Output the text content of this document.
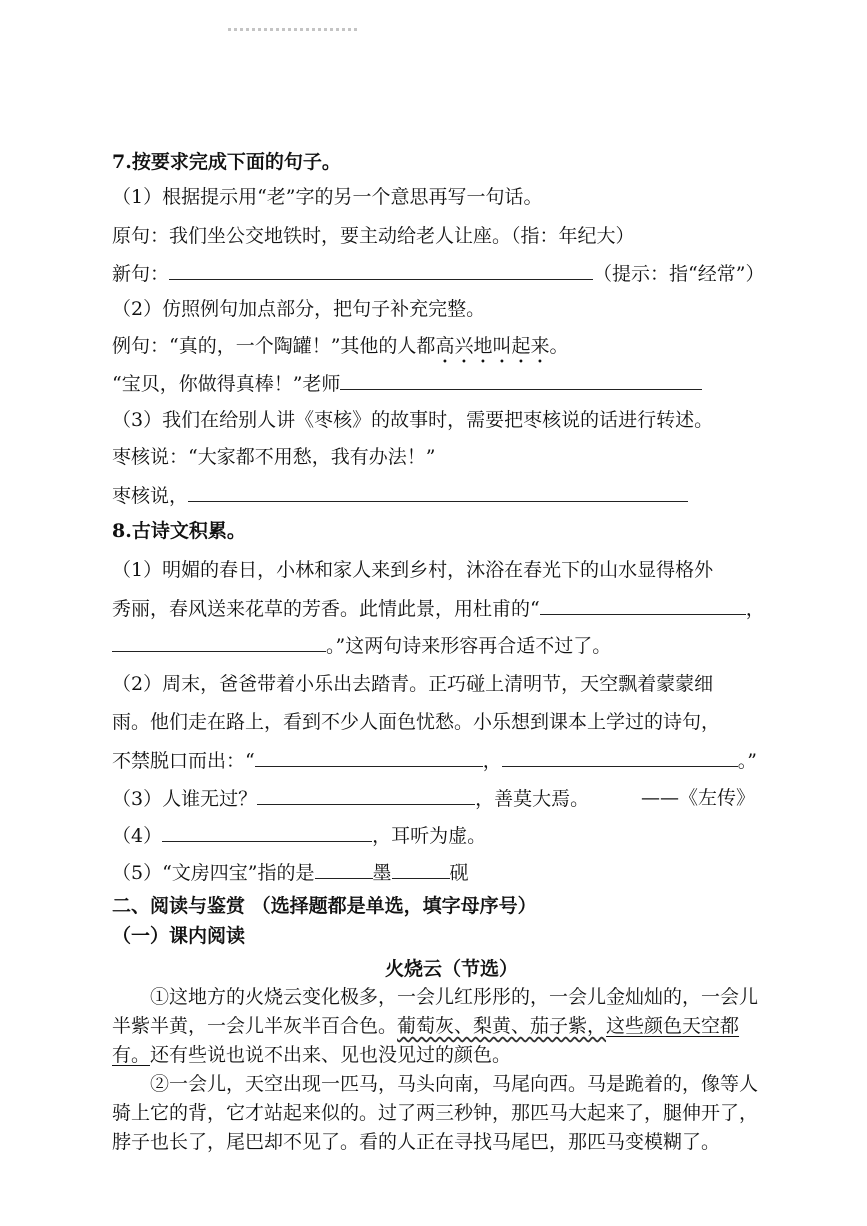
7.按要求完成下面的句子。
（1）根据提示用“老”字的另一个意思再写一句话。
原句：我们坐公交地铁时，要主动给老人让座。（指：年纪大）
新句：	（提示：指“经常”）
（2）仿照例句加点部分，把句子补充完整。
例句：“真的，一个陶罐！”其他的人都高兴地叫起来。
“宝贝，你做得真棒！”老师
（3）我们在给别人讲《枣核》的故事时，需要把枣核说的话进行转述。
枣核说：“大家都不用愁，我有办法！”
枣核说，
8.古诗文积累。
（1）明媚的春日，小林和家人来到乡村，沐浴在春光下的山水显得格外
秀丽，春风送来花草的芳香。此情此景，用杜甫的“	，
。”这两句诗来形容再合适不过了。
（2）周末，爸爸带着小乐出去踏青。正巧碰上清明节，天空飘着蒙蒙细
雨。他们走在路上，看到不少人面色忧愁。小乐想到课本上学过的诗句，
不禁脱口而出：“	，	。”
（3）人谁无过？	，善莫大焉。	——《左传》
（4）	，耳听为虚。
（5）“文房四宝”指的是	墨	砚
二、阅读与鉴赏 （选择题都是单选，填字母序号）
（一）课内阅读
火烧云（节选）
①这地方的火烧云变化极多，一会儿红彤彤的，一会儿金灿灿的，一会儿半紫半黄，一会儿半灰半百合色。葡萄灰、梨黄、茄子紫，这些颜色天空都有。还有些说也说不出来、见也没见过的颜色。
②一会儿，天空出现一匹马，马头向南，马尾向西。马是跪着的，像等人骑上它的背，它才站起来似的。过了两三秒钟，那匹马大起来了，腿伸开了，脖子也长了，尾巴却不见了。看的人正在寻找马尾巴，那匹马变模糊了。
